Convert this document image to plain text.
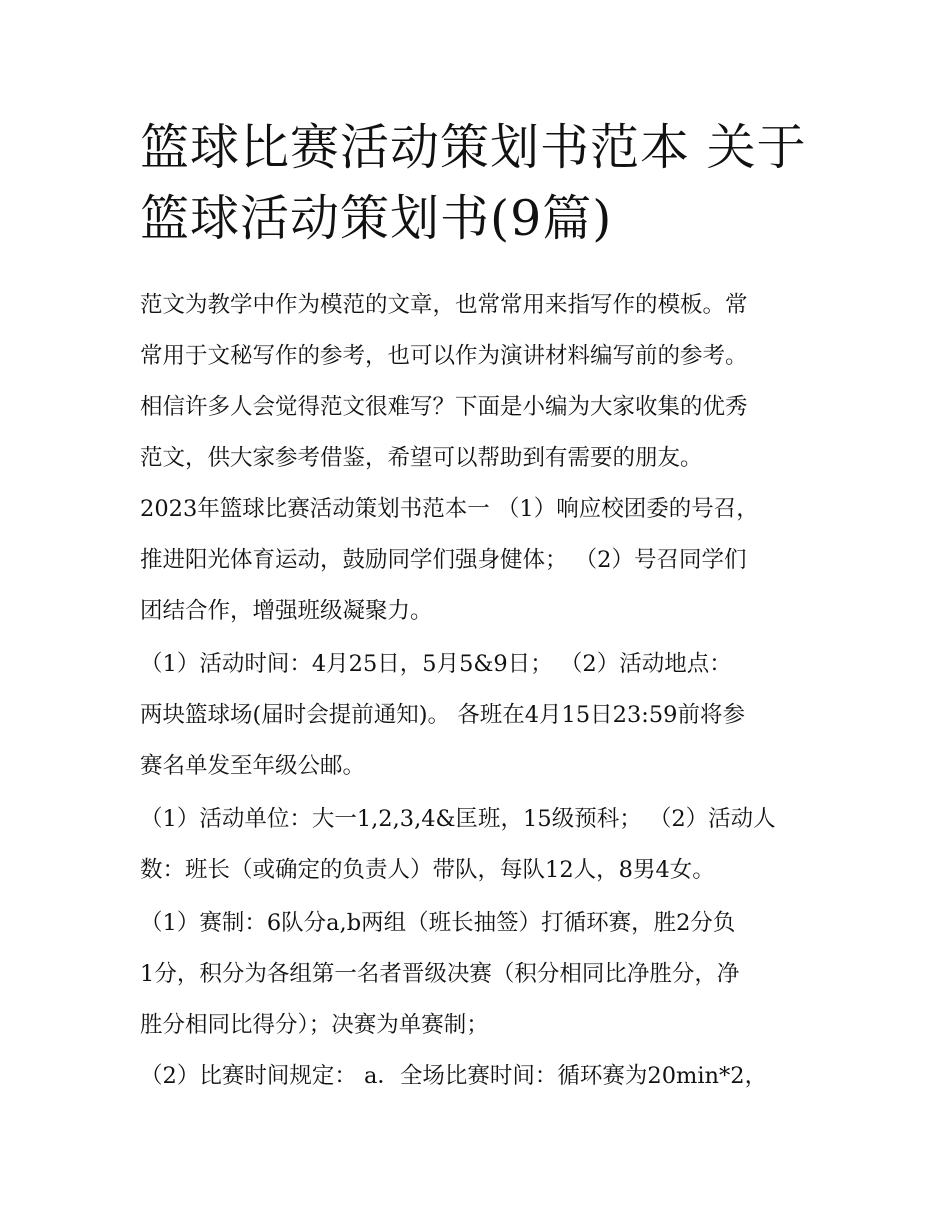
篮球比赛活动策划书范本 关于
篮球活动策划书(9篇)

范文为教学中作为模范的文章，也常常用来指写作的模板。常
常用于文秘写作的参考，也可以作为演讲材料编写前的参考。
相信许多人会觉得范文很难写？下面是小编为大家收集的优秀
范文，供大家参考借鉴，希望可以帮助到有需要的朋友。

2023年篮球比赛活动策划书范本一 （1）响应校团委的号召，
推进阳光体育运动，鼓励同学们强身健体； （2）号召同学们
团结合作，增强班级凝聚力。

（1）活动时间：4月25日，5月5&9日； （2）活动地点：
两块篮球场(届时会提前通知)。 各班在4月15日23:59前将参
赛名单发至年级公邮。

（1）活动单位：大一1,2,3,4&匡班，15级预科； （2）活动人
数：班长（或确定的负责人）带队，每队12人，8男4女。

（1）赛制：6队分a,b两组（班长抽签）打循环赛，胜2分负
1分，积分为各组第一名者晋级决赛（积分相同比净胜分，净
胜分相同比得分）；决赛为单赛制；

（2）比赛时间规定： a．全场比赛时间：循环赛为20min*2，
